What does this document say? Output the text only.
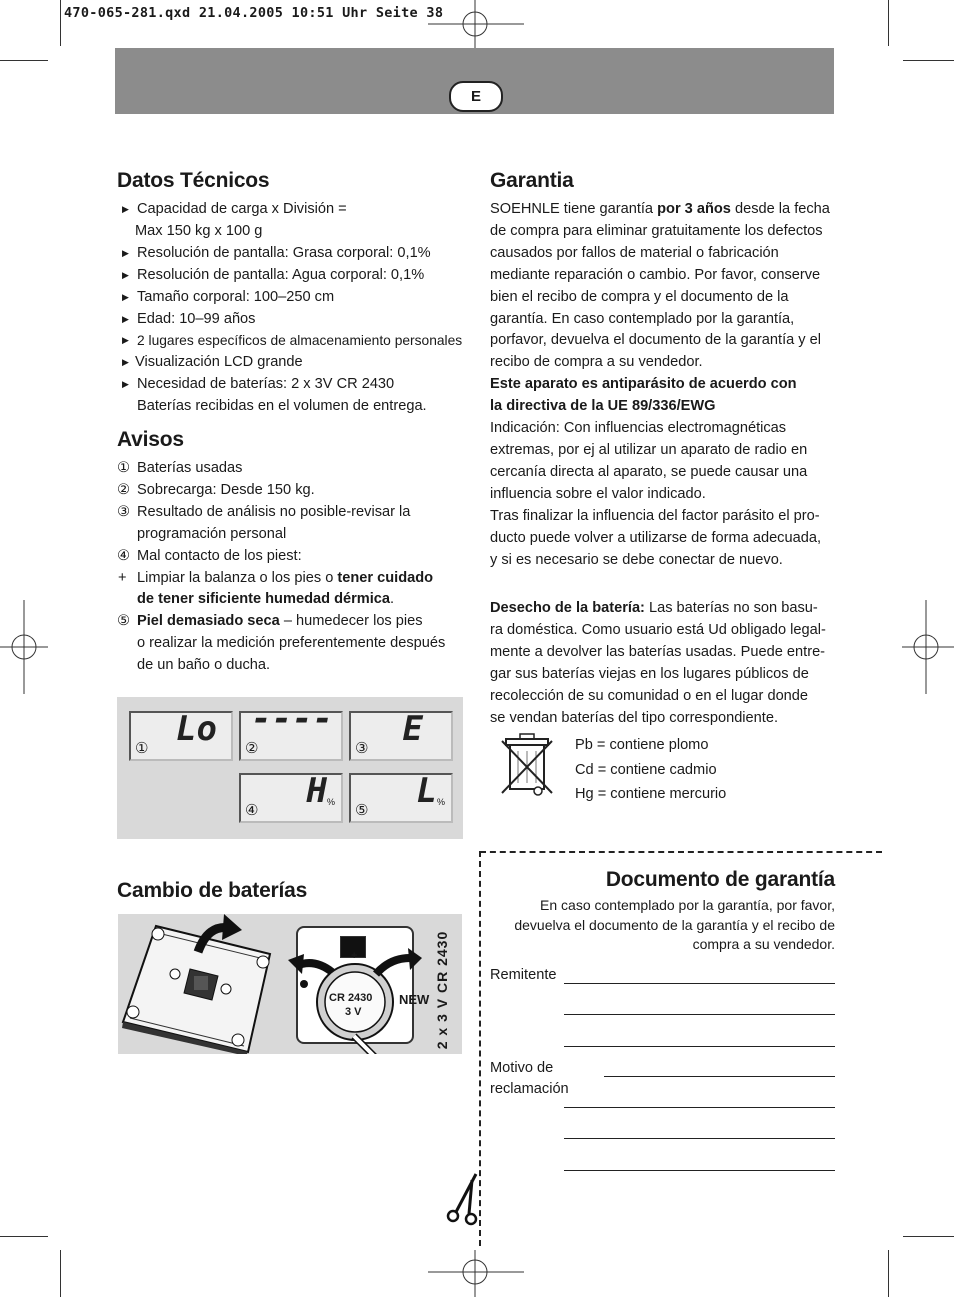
470-065-281.qxd 21.04.2005 10:51 Uhr Seite 38
E
Datos Técnicos
▶ Capacidad de carga x División =
Max 150 kg x 100 g
▶ Resolución de pantalla: Grasa corporal: 0,1%
▶ Resolución de pantalla: Agua corporal: 0,1%
▶ Tamaño corporal: 100–250 cm
▶ Edad: 10–99 años
▶ 2 lugares específicos de almacenamiento personales
▶ Visualización LCD grande
▶ Necesidad de baterías: 2 x 3V CR 2430
Baterías recibidas en el volumen de entrega.
Avisos
① Baterías usadas
② Sobrecarga: Desde 150 kg.
③ Resultado de análisis no posible-revisar la
programación personal
④ Mal contacto de los piest:
+ Limpiar la balanza o los pies o tener cuidado
de tener sificiente humedad dérmica.
⑤ Piel demasiado seca – humedecer los pies
o realizar la medición preferentemente después
de un baño o ducha.
① Lo ②
----
③ E
④ H % ⑤ L %
Cambio de baterías
+
CR 2430
3 V
NEW 2 x 3 V CR 2430
Garantia
SOEHNLE tiene garantía por 3 años desde la fecha
de compra para eliminar gratuitamente los defectos
causados por fallos de material o fabricación
mediante reparación o cambio. Por favor, conserve
bien el recibo de compra y el documento de la
garantía. En caso contemplado por la garantía,
porfavor, devuelva el documento de la garantía y el
recibo de compra a su vendedor.
Este aparato es antiparásito de acuerdo con
la directiva de la UE 89/336/EWG
Indicación: Con influencias electromagnéticas
extremas, por ej al utilizar un aparato de radio en
cercanía directa al aparato, se puede causar una
influencia sobre el valor indicado.
Tras finalizar la influencia del factor parásito el pro-
ducto puede volver a utilizarse de forma adecuada,
y si es necesario se debe conectar de nuevo.
Desecho de la batería: Las baterías no son basu-
ra doméstica. Como usuario está Ud obligado legal-
mente a devolver las baterías usadas. Puede entre-
gar sus baterías viejas en los lugares públicos de
recolección de su comunidad o en el lugar donde
se vendan baterías del tipo correspondiente.
Pb = contiene plomo
Cd = contiene cadmio
Hg = contiene mercurio
Documento de garantía
En caso contemplado por la garantía, por favor,
devuelva el documento de la garantía y el recibo de
compra a su vendedor.
Remitente
Motivo de
reclamación
